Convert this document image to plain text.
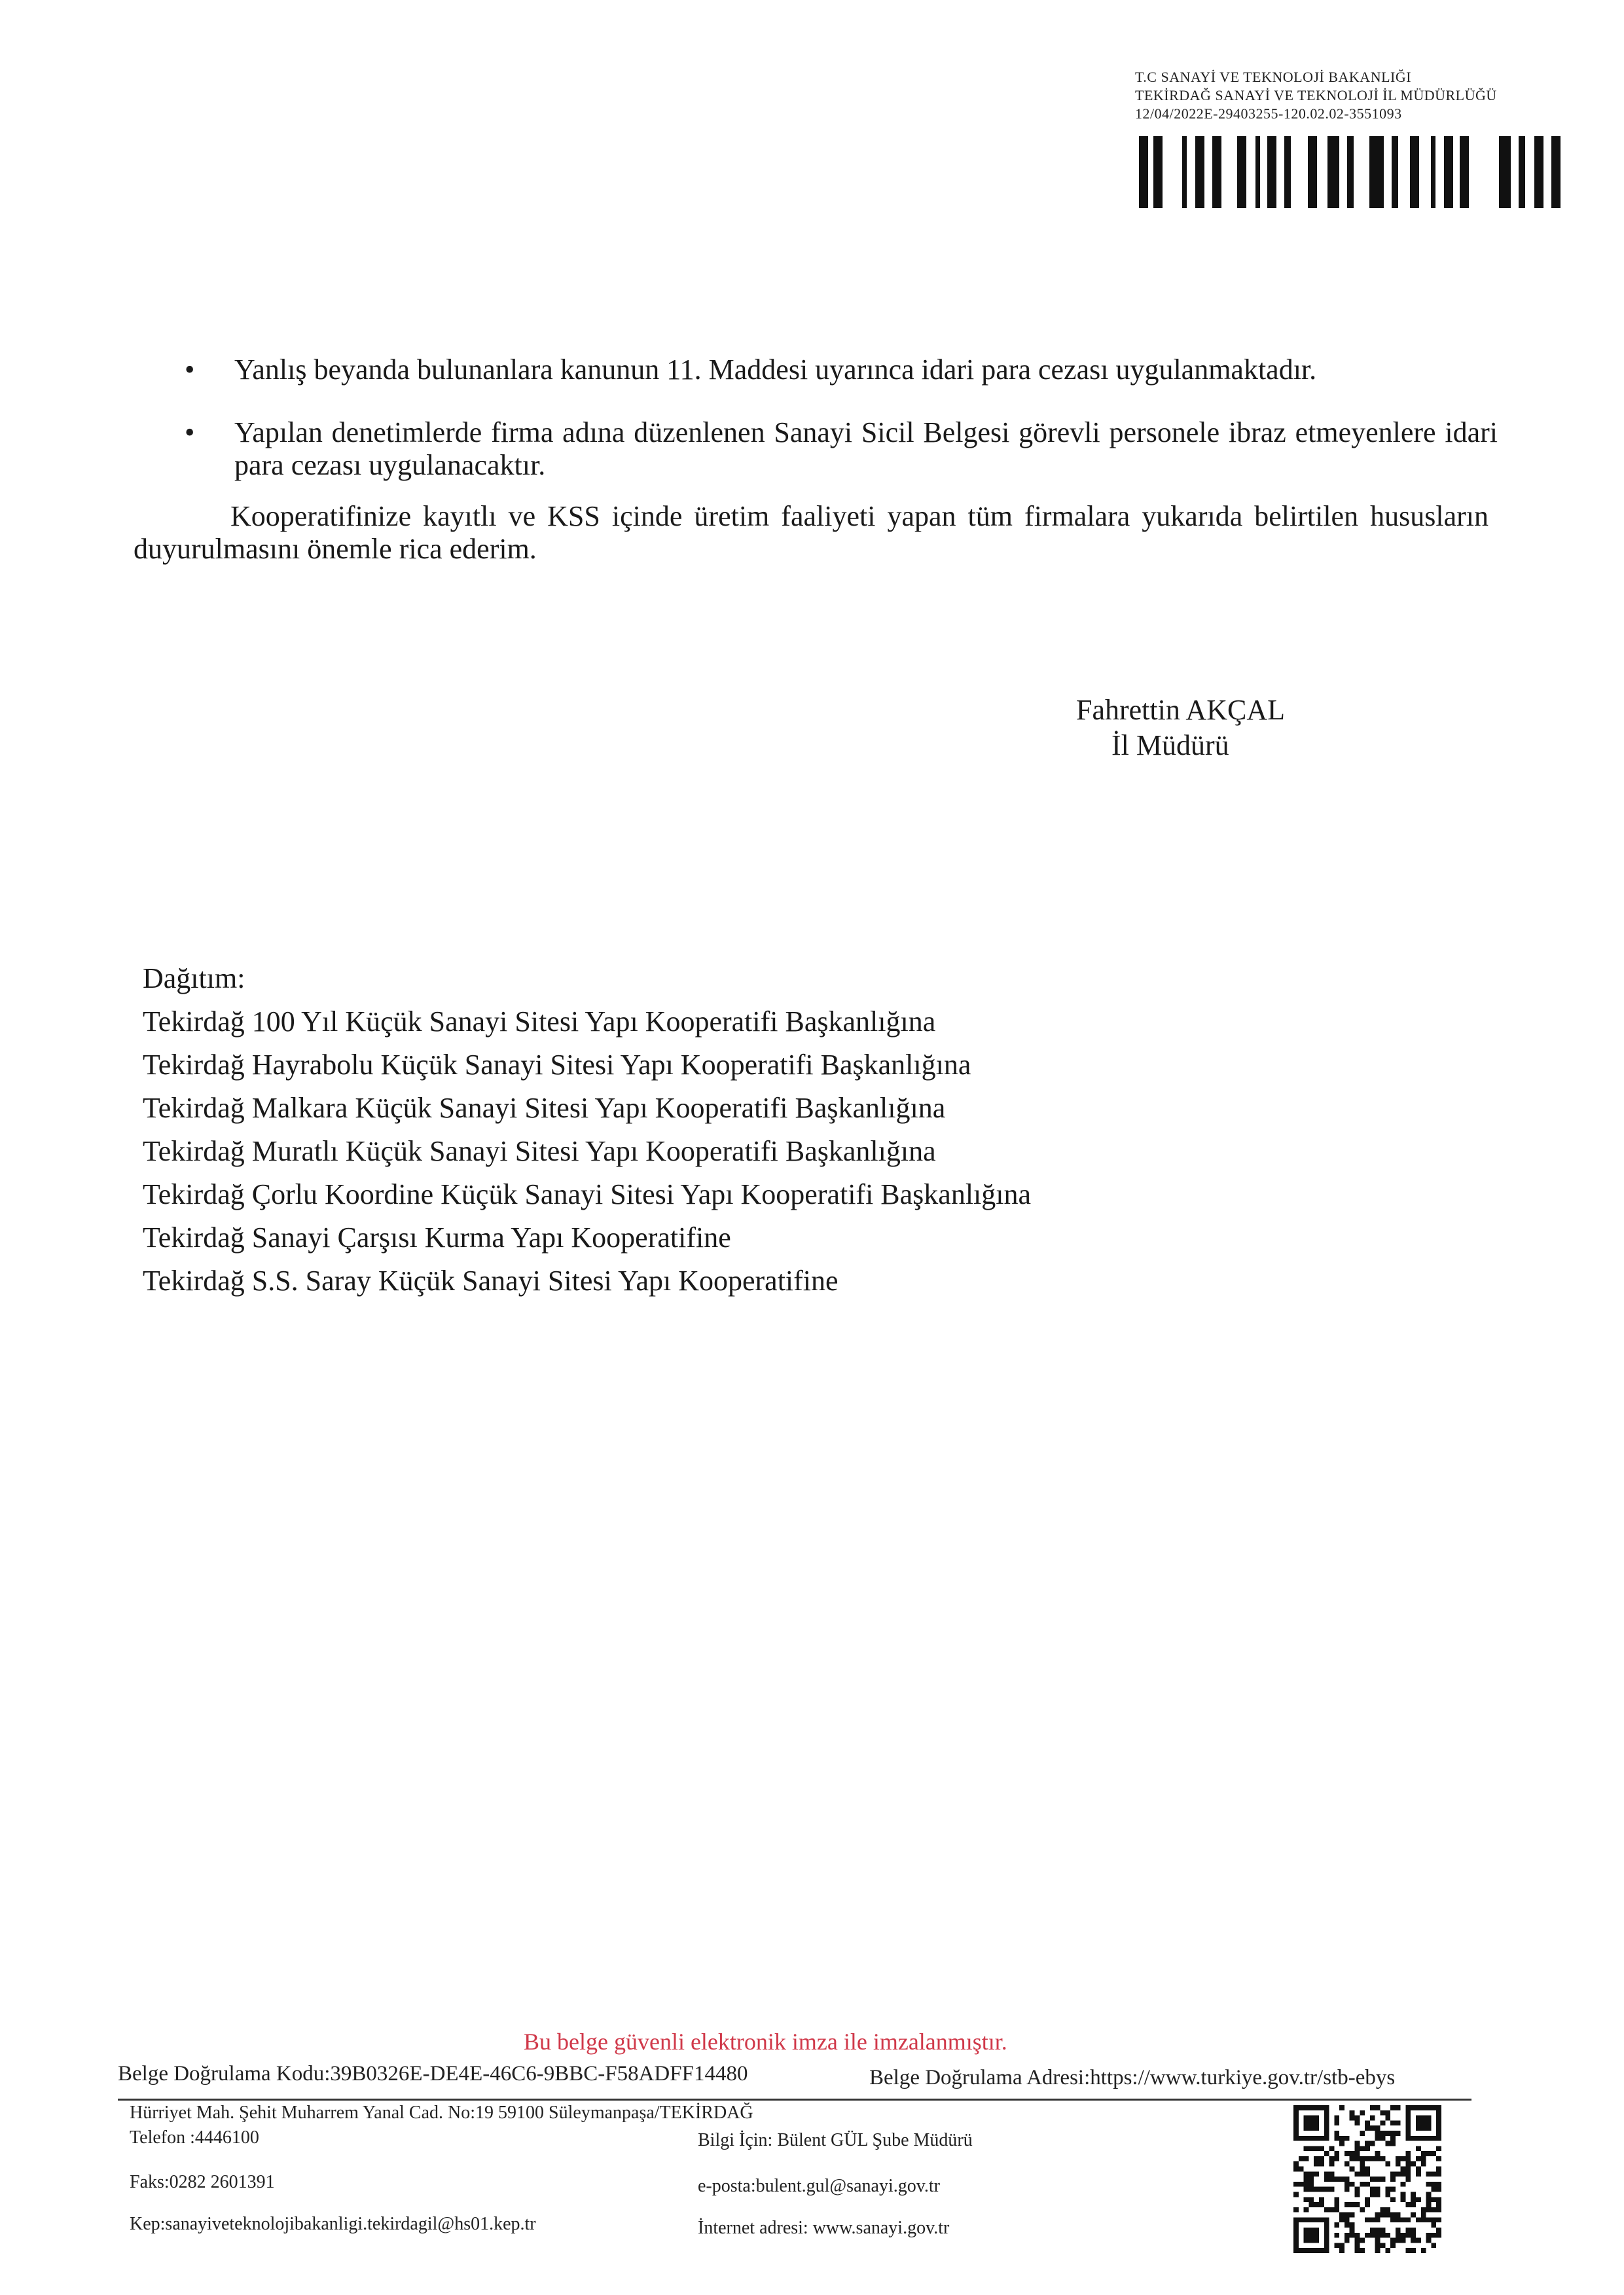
T.C SANAYİ VE TEKNOLOJİ BAKANLIĞI
TEKİRDAĞ SANAYİ VE TEKNOLOJİ İL MÜDÜRLÜĞÜ
12/04/2022E-29403255-120.02.02-3551093
•	Yanlış beyanda bulunanlara kanunun 11. Maddesi uyarınca idari para cezası uygulanmaktadır.
•	Yapılan denetimlerde firma adına düzenlenen Sanayi Sicil Belgesi görevli personele ibraz etmeyenlere idari para cezası uygulanacaktır.
Kooperatifinize kayıtlı ve KSS içinde üretim faaliyeti yapan tüm firmalara yukarıda belirtilen hususların duyurulmasını önemle rica ederim.
Fahrettin AKÇAL
İl Müdürü
Dağıtım:
Tekirdağ 100 Yıl Küçük Sanayi Sitesi Yapı Kooperatifi Başkanlığına
Tekirdağ Hayrabolu Küçük Sanayi Sitesi Yapı Kooperatifi Başkanlığına
Tekirdağ Malkara Küçük Sanayi Sitesi Yapı Kooperatifi Başkanlığına
Tekirdağ Muratlı Küçük Sanayi Sitesi Yapı Kooperatifi Başkanlığına
Tekirdağ Çorlu Koordine Küçük Sanayi Sitesi Yapı Kooperatifi Başkanlığına
Tekirdağ Sanayi Çarşısı Kurma Yapı Kooperatifine
Tekirdağ S.S. Saray Küçük Sanayi Sitesi Yapı Kooperatifine
Bu belge güvenli elektronik imza ile imzalanmıştır.
Belge Doğrulama Kodu:39B0326E-DE4E-46C6-9BBC-F58ADFF14480	Belge Doğrulama Adresi:https://www.turkiye.gov.tr/stb-ebys
Hürriyet Mah. Şehit Muharrem Yanal Cad. No:19 59100 Süleymanpaşa/TEKİRDAĞ
Telefon :4446100
Faks:0282 2601391
Kep:sanayiveteknolojibakanligi.tekirdagil@hs01.kep.tr
Bilgi İçin: Bülent GÜL Şube Müdürü
e-posta:bulent.gul@sanayi.gov.tr
İnternet adresi: www.sanayi.gov.tr
